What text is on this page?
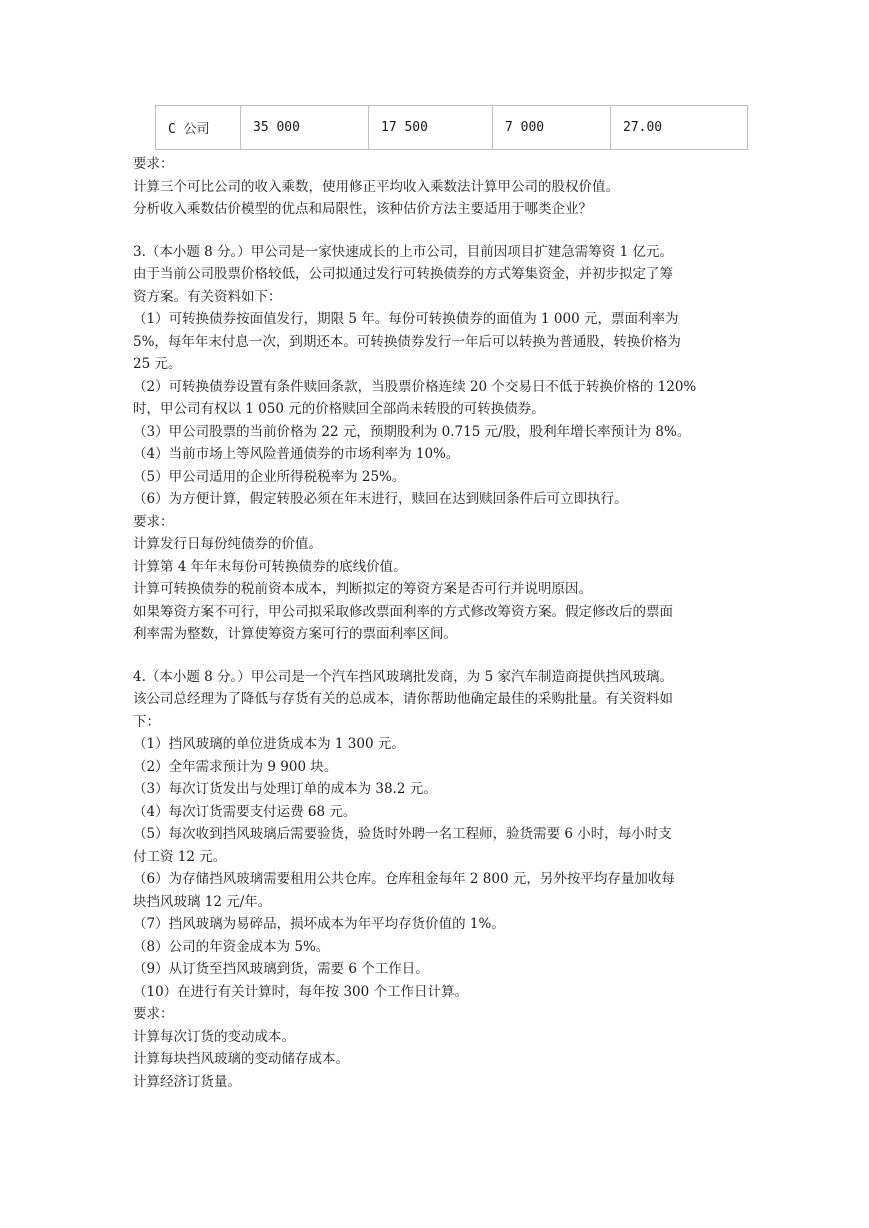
C 公司	35 000	17 500	7 000	27.00
要求：
计算三个可比公司的收入乘数，使用修正平均收入乘数法计算甲公司的股权价值。
分析收入乘数估价模型的优点和局限性，该种估价方法主要适用于哪类企业？
3.（本小题 8 分。）甲公司是一家快速成长的上市公司，目前因项目扩建急需筹资 1 亿元。
由于当前公司股票价格较低，公司拟通过发行可转换债券的方式筹集资金，并初步拟定了筹
资方案。有关资料如下：
（1）可转换债券按面值发行，期限 5 年。每份可转换债券的面值为 1 000 元，票面利率为
5%，每年年末付息一次，到期还本。可转换债券发行一年后可以转换为普通股，转换价格为
25 元。
（2）可转换债券设置有条件赎回条款，当股票价格连续 20 个交易日不低于转换价格的 120%
时，甲公司有权以 1 050 元的价格赎回全部尚未转股的可转换债券。
（3）甲公司股票的当前价格为 22 元，预期股利为 0.715 元/股，股利年增长率预计为 8%。
（4）当前市场上等风险普通债券的市场利率为 10%。
（5）甲公司适用的企业所得税税率为 25%。
（6）为方便计算，假定转股必须在年末进行，赎回在达到赎回条件后可立即执行。
要求：
计算发行日每份纯债券的价值。
计算第 4 年年末每份可转换债券的底线价值。
计算可转换债券的税前资本成本，判断拟定的筹资方案是否可行并说明原因。
如果筹资方案不可行，甲公司拟采取修改票面利率的方式修改筹资方案。假定修改后的票面
利率需为整数，计算使筹资方案可行的票面利率区间。
4.（本小题 8 分。）甲公司是一个汽车挡风玻璃批发商，为 5 家汽车制造商提供挡风玻璃。
该公司总经理为了降低与存货有关的总成本，请你帮助他确定最佳的采购批量。有关资料如
下：
（1）挡风玻璃的单位进货成本为 1 300 元。
（2）全年需求预计为 9 900 块。
（3）每次订货发出与处理订单的成本为 38.2 元。
（4）每次订货需要支付运费 68 元。
（5）每次收到挡风玻璃后需要验货，验货时外聘一名工程师，验货需要 6 小时，每小时支
付工资 12 元。
（6）为存储挡风玻璃需要租用公共仓库。仓库租金每年 2 800 元，另外按平均存量加收每
块挡风玻璃 12 元/年。
（7）挡风玻璃为易碎品，损坏成本为年平均存货价值的 1%。
（8）公司的年资金成本为 5%。
（9）从订货至挡风玻璃到货，需要 6 个工作日。
（10）在进行有关计算时，每年按 300 个工作日计算。
要求：
计算每次订货的变动成本。
计算每块挡风玻璃的变动储存成本。
计算经济订货量。
